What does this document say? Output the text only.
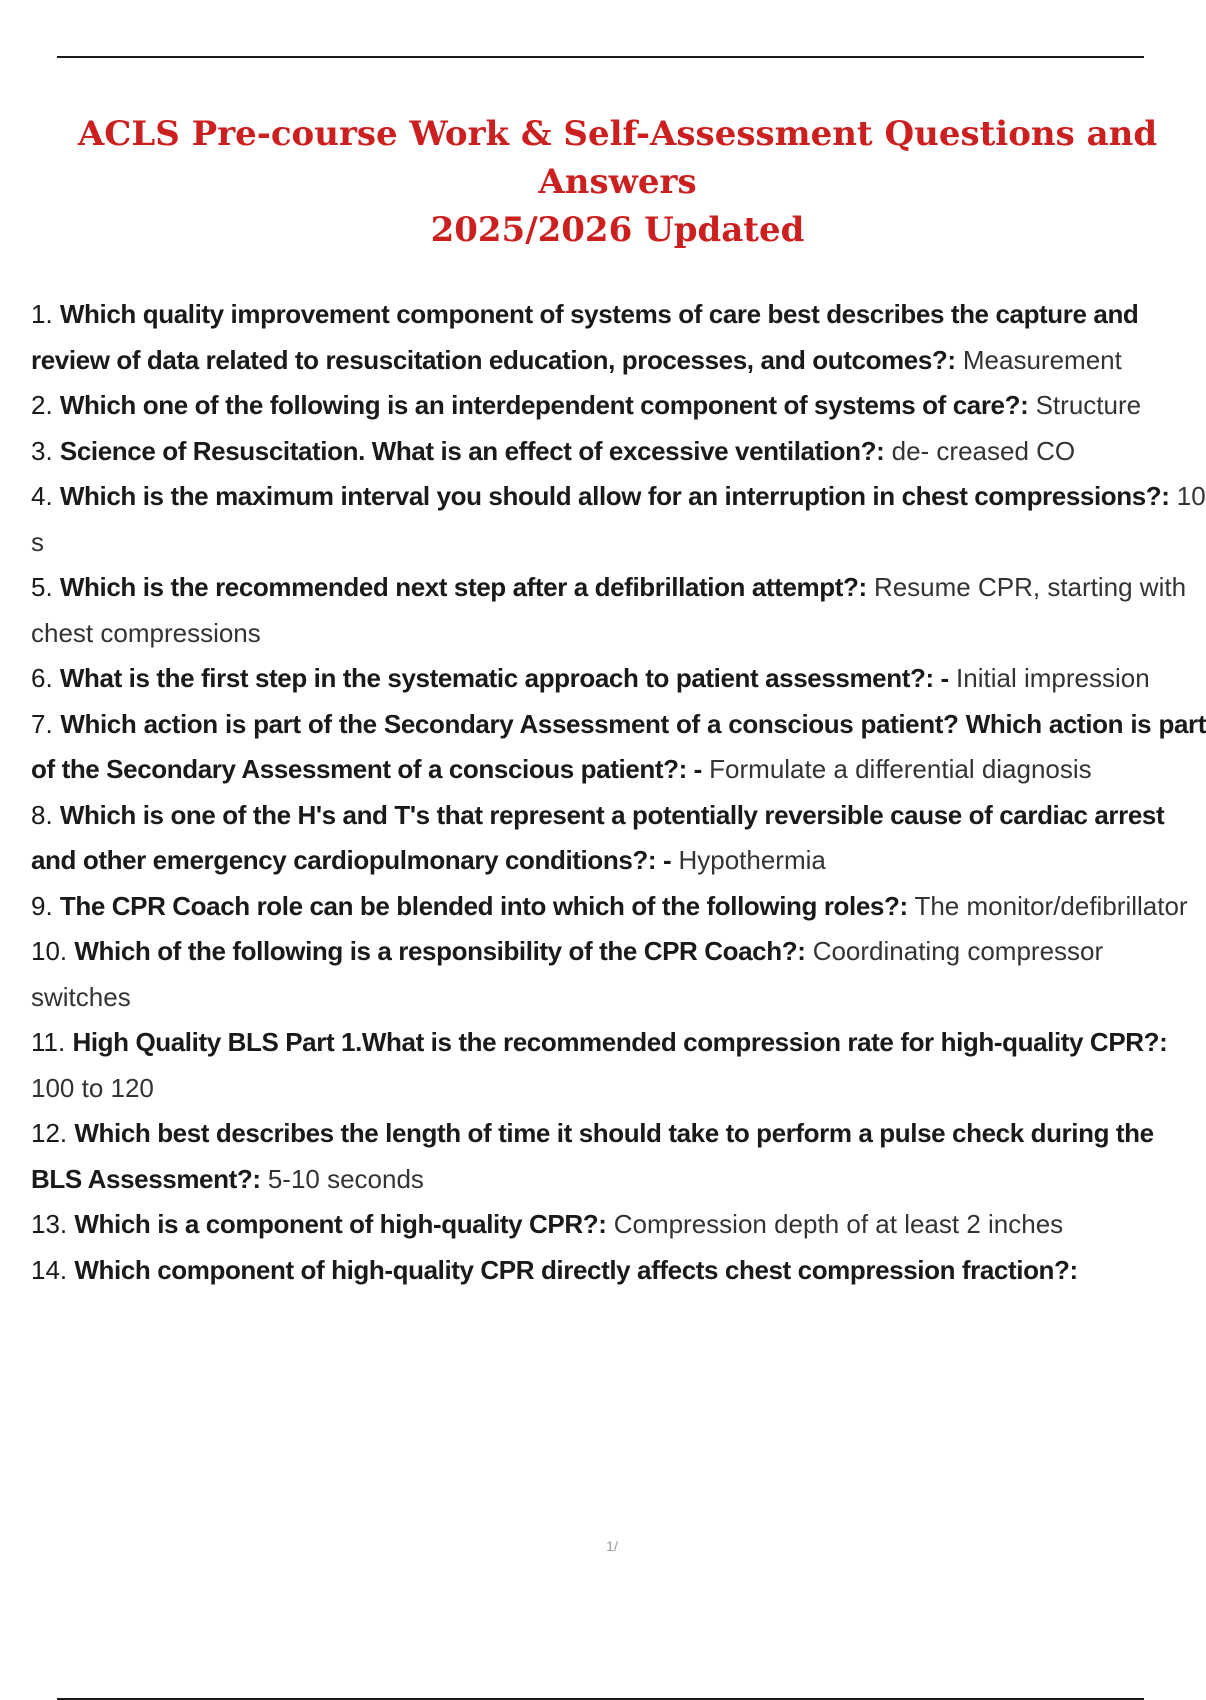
ACLS Pre-course Work & Self-Assessment Questions and Answers
2025/2026 Updated
1. Which quality improvement component of systems of care best describes the capture and review of data related to resuscitation education, processes, and outcomes?: Measurement
2. Which one of the following is an interdependent component of systems of care?: Structure
3. Science of Resuscitation. What is an effect of excessive ventilation?: de- creased CO
4. Which is the maximum interval you should allow for an interruption in chest compressions?: 10 s
5. Which is the recommended next step after a defibrillation attempt?: Resume CPR, starting with chest compressions
6. What is the first step in the systematic approach to patient assessment?: - Initial impression
7. Which action is part of the Secondary Assessment of a conscious patient? Which action is part of the Secondary Assessment of a conscious patient?: - Formulate a differential diagnosis
8. Which is one of the H's and T's that represent a potentially reversible cause of cardiac arrest and other emergency cardiopulmonary conditions?: - Hypothermia
9. The CPR Coach role can be blended into which of the following roles?: The monitor/defibrillator
10. Which of the following is a responsibility of the CPR Coach?: Coordinating compressor switches
11. High Quality BLS Part 1.What is the recommended compression rate for high-quality CPR?: 100 to 120
12. Which best describes the length of time it should take to perform a pulse check during the BLS Assessment?: 5-10 seconds
13. Which is a component of high-quality CPR?: Compression depth of at least 2 inches
14. Which component of high-quality CPR directly affects chest compression fraction?:
1/
